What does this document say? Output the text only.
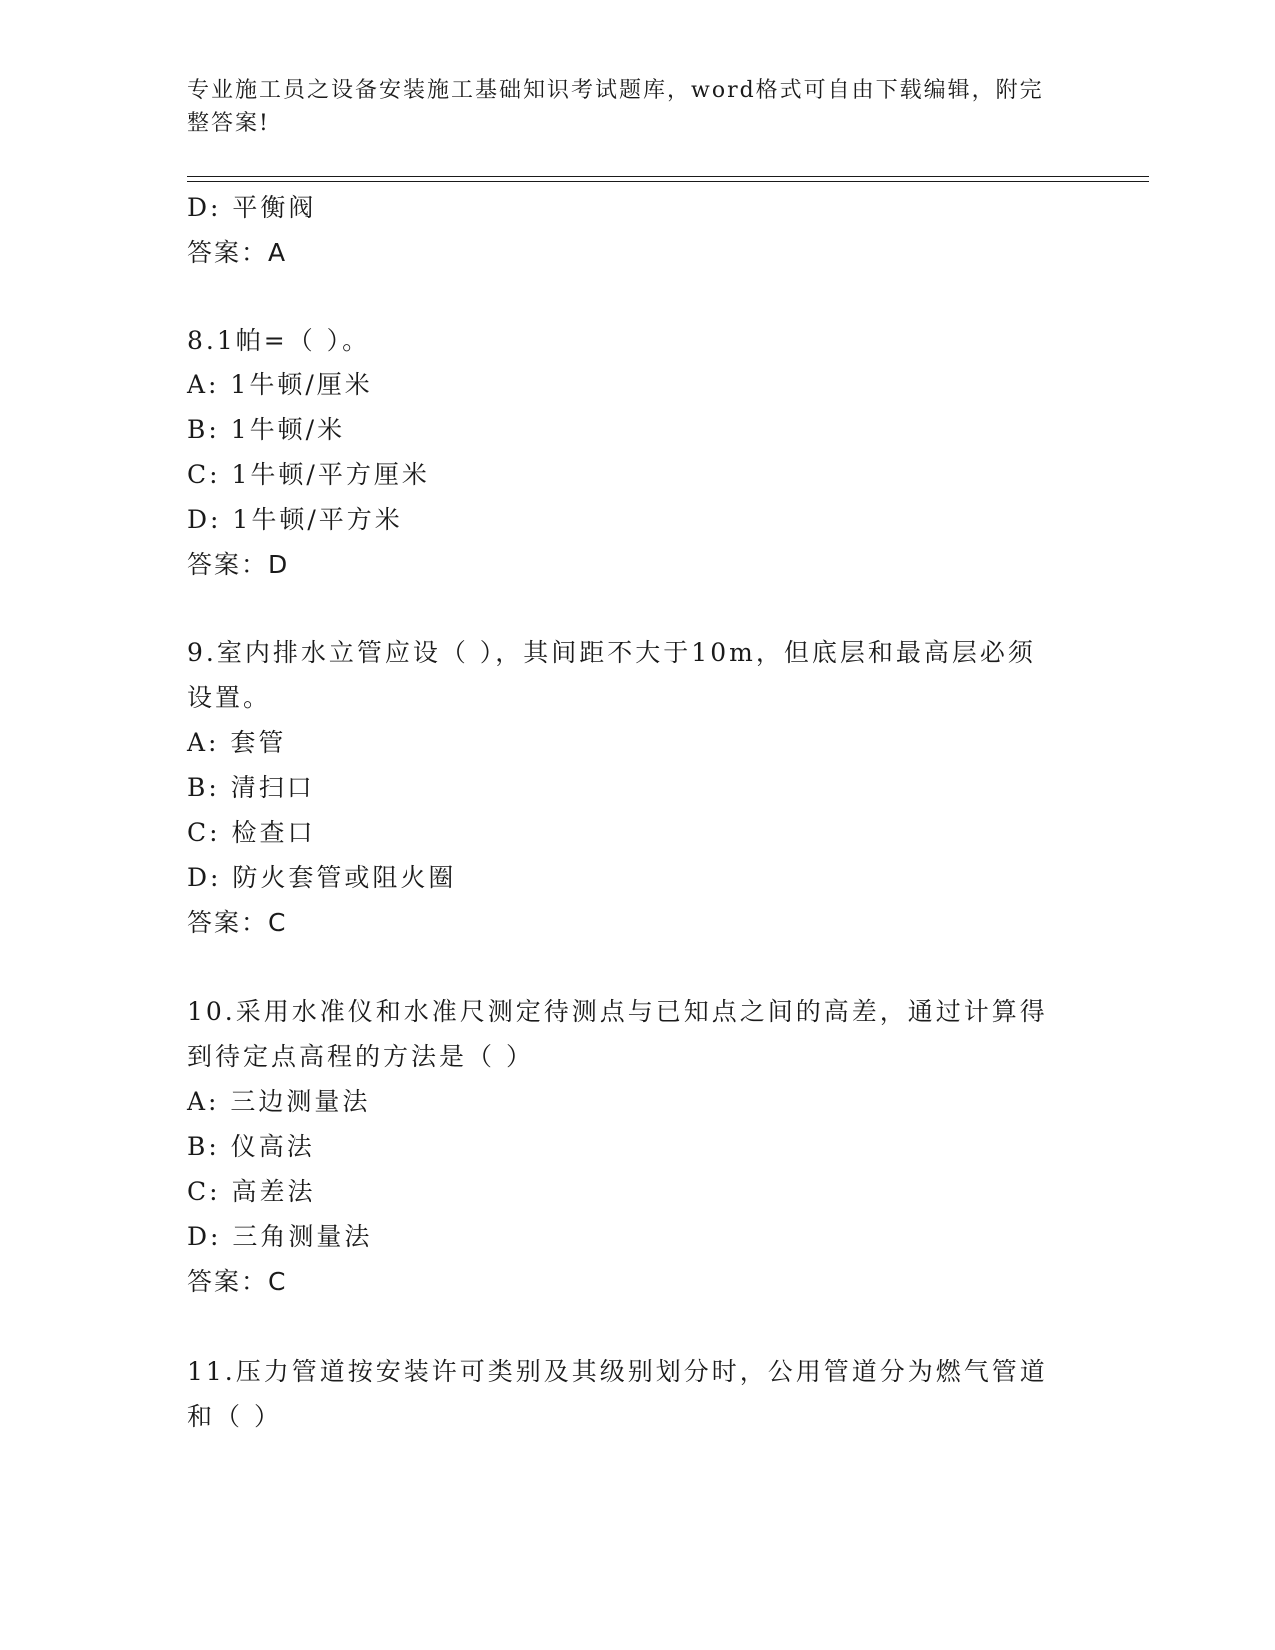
专业施工员之设备安装施工基础知识考试题库，word格式可自由下载编辑，附完整答案!
D: 平衡阀
答案：A
8.1帕=（ ）。
A: 1牛顿/厘米
B: 1牛顿/米
C: 1牛顿/平方厘米
D: 1牛顿/平方米
答案：D
9.室内排水立管应设（ ），其间距不大于10m，但底层和最高层必须
设置。
A: 套管
B: 清扫口
C: 检查口
D: 防火套管或阻火圈
答案：C
10.采用水准仪和水准尺测定待测点与已知点之间的高差，通过计算得
到待定点高程的方法是（ ）
A: 三边测量法
B: 仪高法
C: 高差法
D: 三角测量法
答案：C
11.压力管道按安装许可类别及其级别划分时，公用管道分为燃气管道
和（ ）
